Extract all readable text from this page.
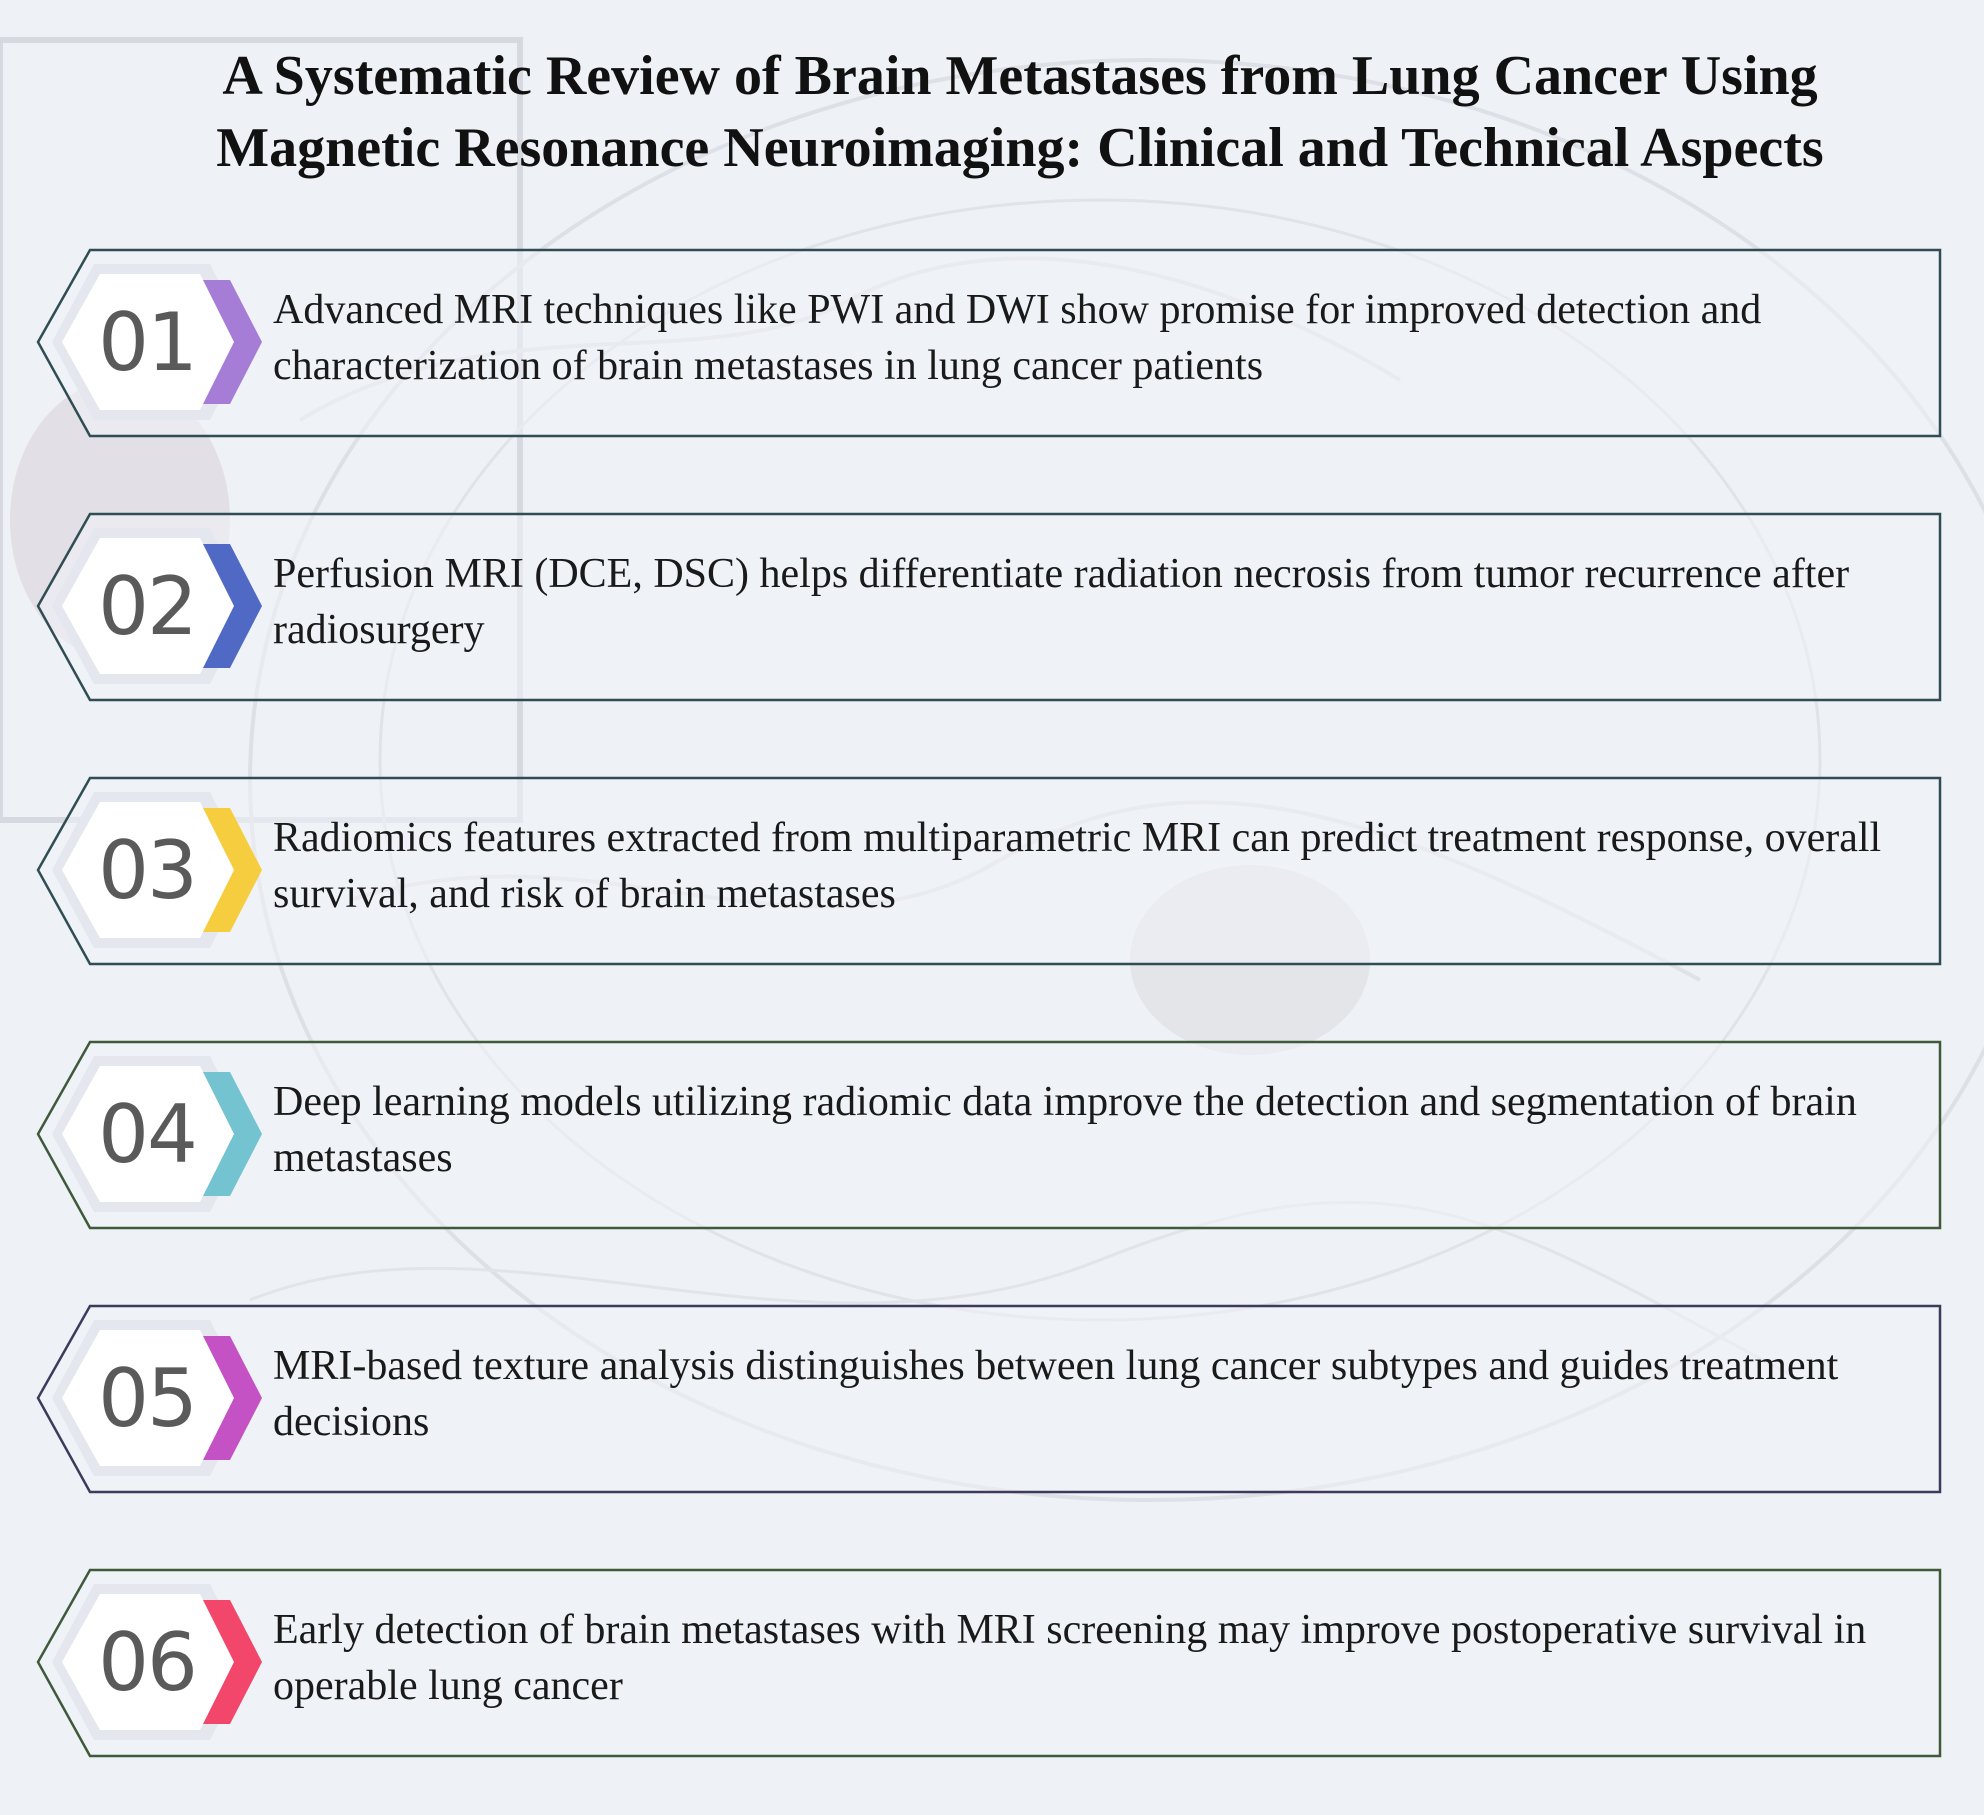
A Systematic Review of Brain Metastases from Lung Cancer Using
Magnetic Resonance Neuroimaging: Clinical and Technical Aspects
01	Advanced MRI techniques like PWI and DWI show promise for improved detection and characterization of brain metastases in lung cancer patients

02	Perfusion MRI (DCE, DSC) helps differentiate radiation necrosis from tumor recurrence after radiosurgery

03	Radiomics features extracted from multiparametric MRI can predict treatment response, overall survival, and risk of brain metastases

04	Deep learning models utilizing radiomic data improve the detection and segmentation of brain metastases

05	MRI-based texture analysis distinguishes between lung cancer subtypes and guides treatment decisions

06	Early detection of brain metastases with MRI screening may improve postoperative survival in operable lung cancer
